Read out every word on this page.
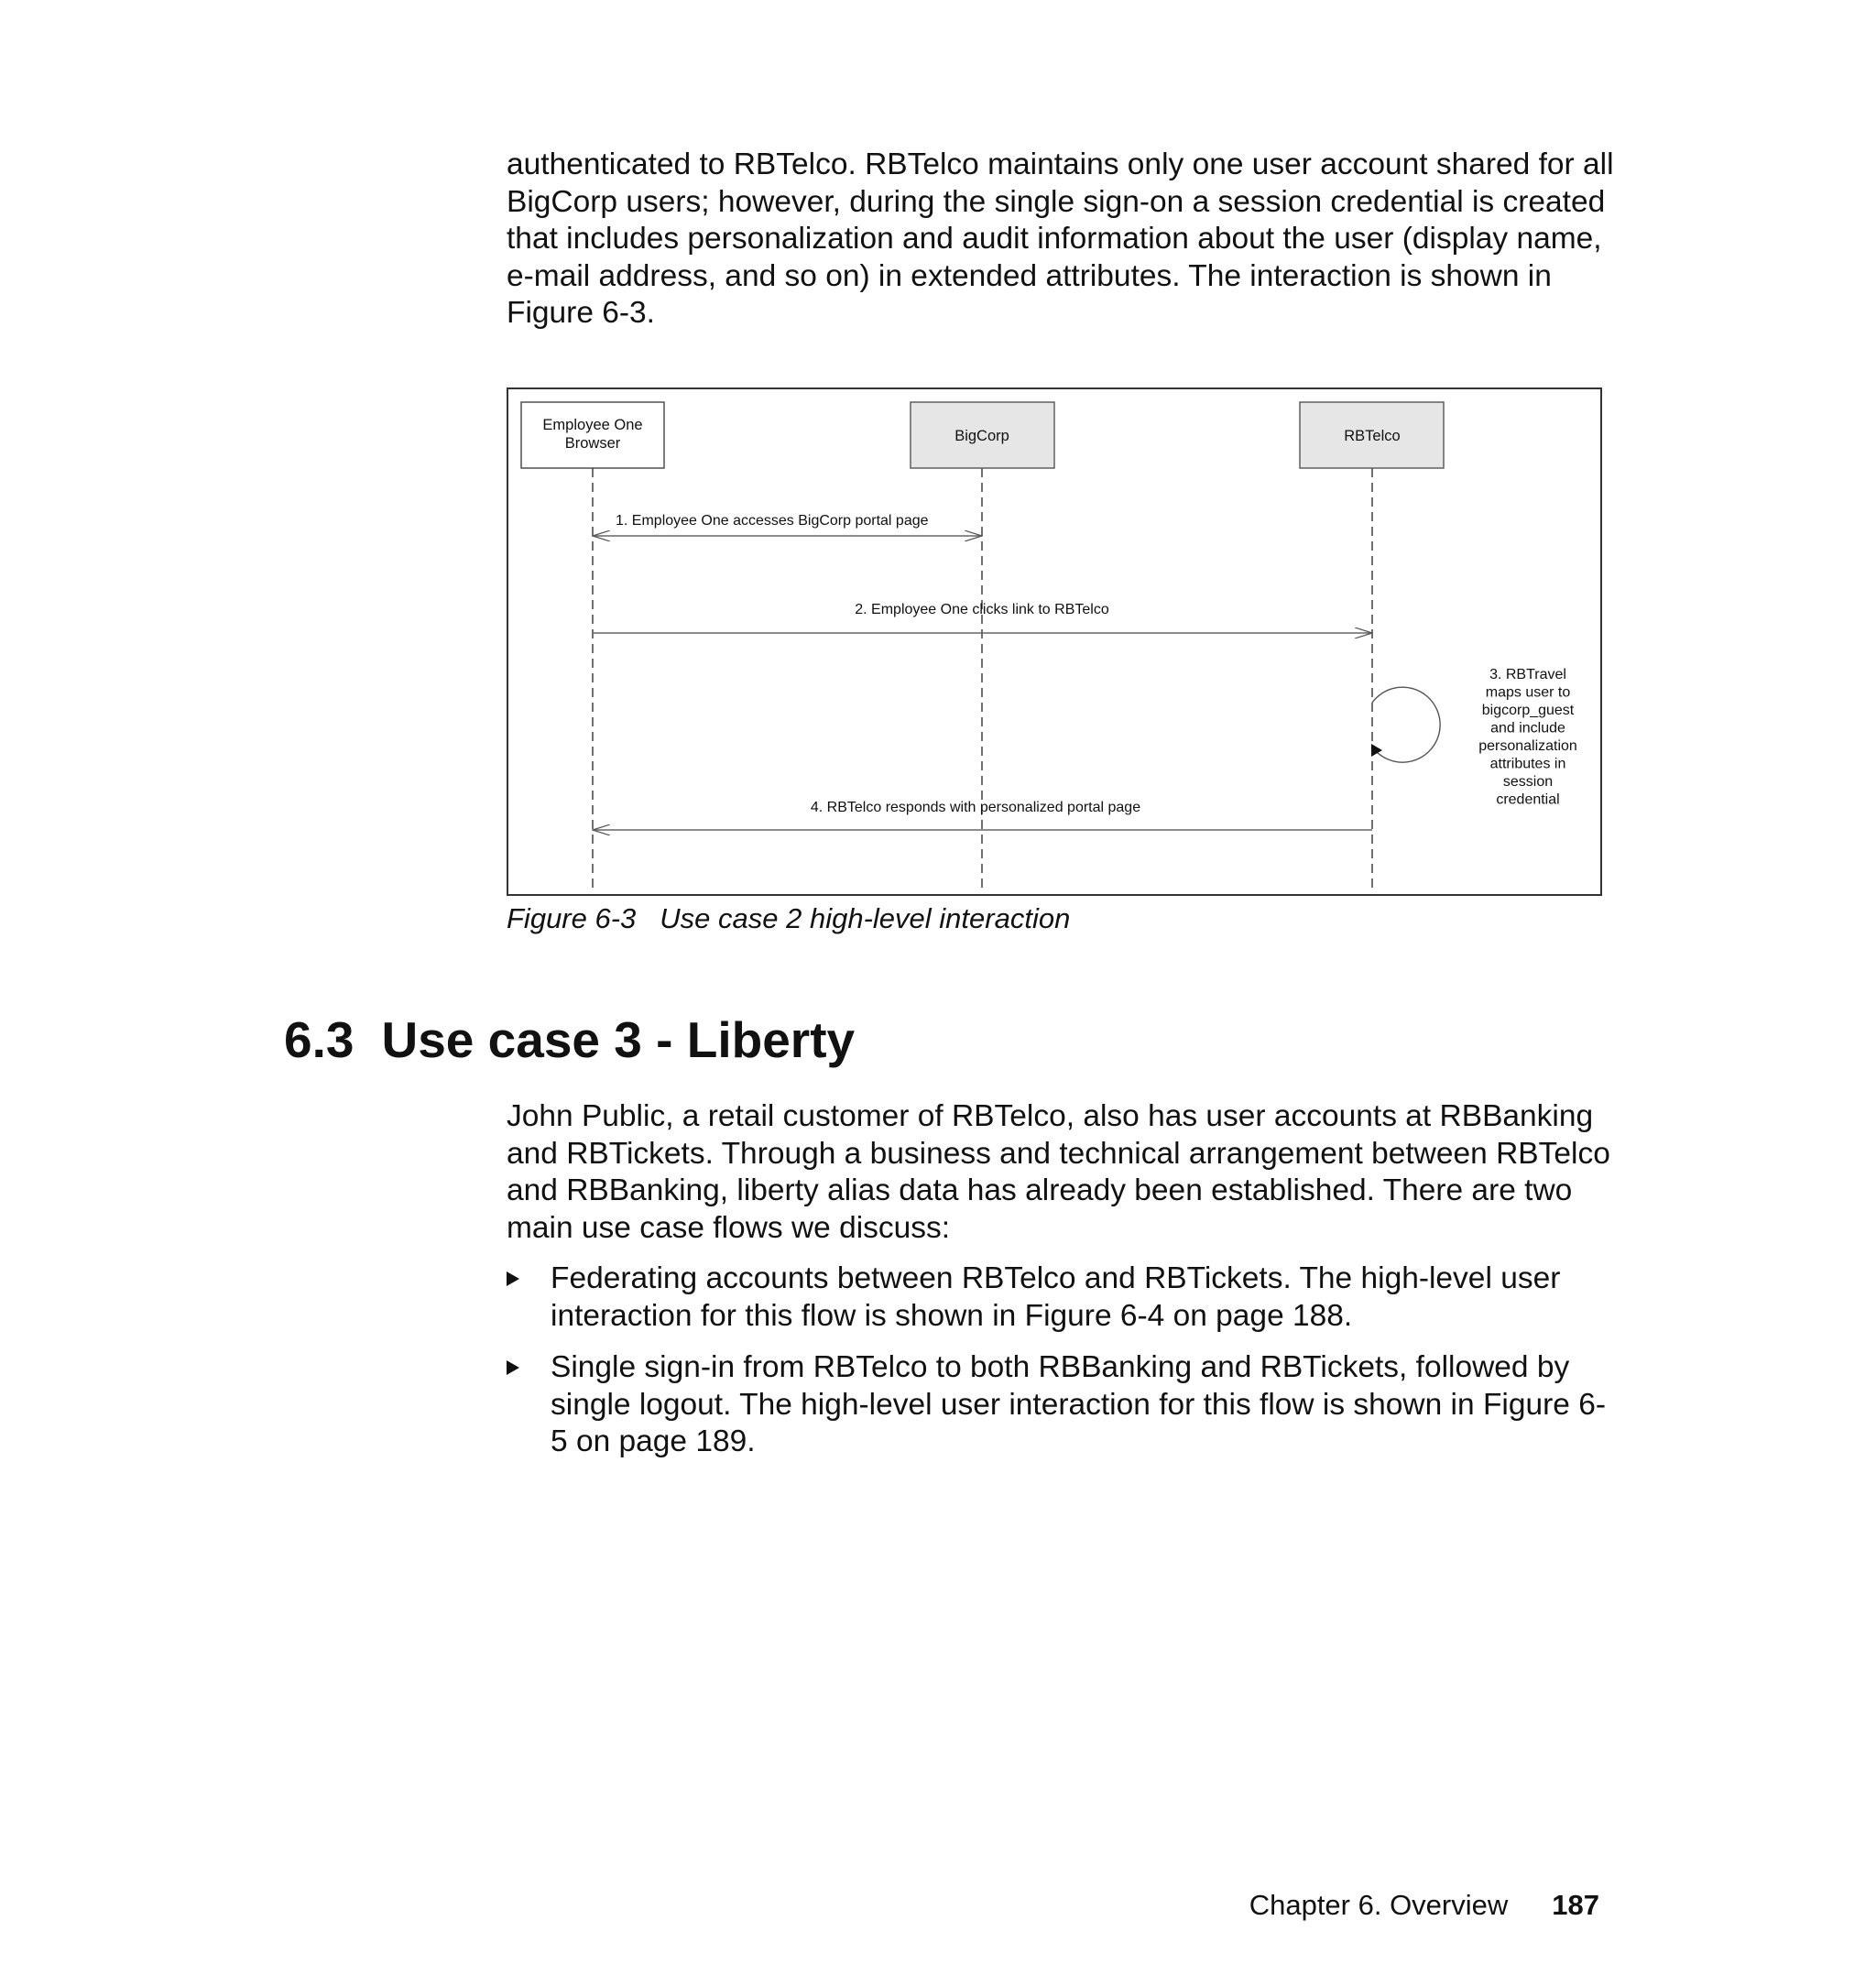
authenticated to RBTelco. RBTelco maintains only one user account shared for all BigCorp users; however, during the single sign-on a session credential is created that includes personalization and audit information about the user (display name, e-mail address, and so on) in extended attributes. The interaction is shown in Figure 6-3.

Employee One
Browser	BigCorp	RBTelco
1. Employee One accesses BigCorp portal page
2. Employee One clicks link to RBTelco
3. RBTravel
maps user to
bigcorp_guest
and include
personalization
attributes in
session
credential
4. RBTelco responds with personalized portal page

Figure 6-3 Use case 2 high-level interaction

6.3 Use case 3 - Liberty

John Public, a retail customer of RBTelco, also has user accounts at RBBanking and RBTickets. Through a business and technical arrangement between RBTelco and RBBanking, liberty alias data has already been established. There are two main use case flows we discuss:

Federating accounts between RBTelco and RBTickets. The high-level user interaction for this flow is shown in Figure 6-4 on page 188.
Single sign-in from RBTelco to both RBBanking and RBTickets, followed by single logout. The high-level user interaction for this flow is shown in Figure 6-5 on page 189.
Chapter 6. Overview 187
